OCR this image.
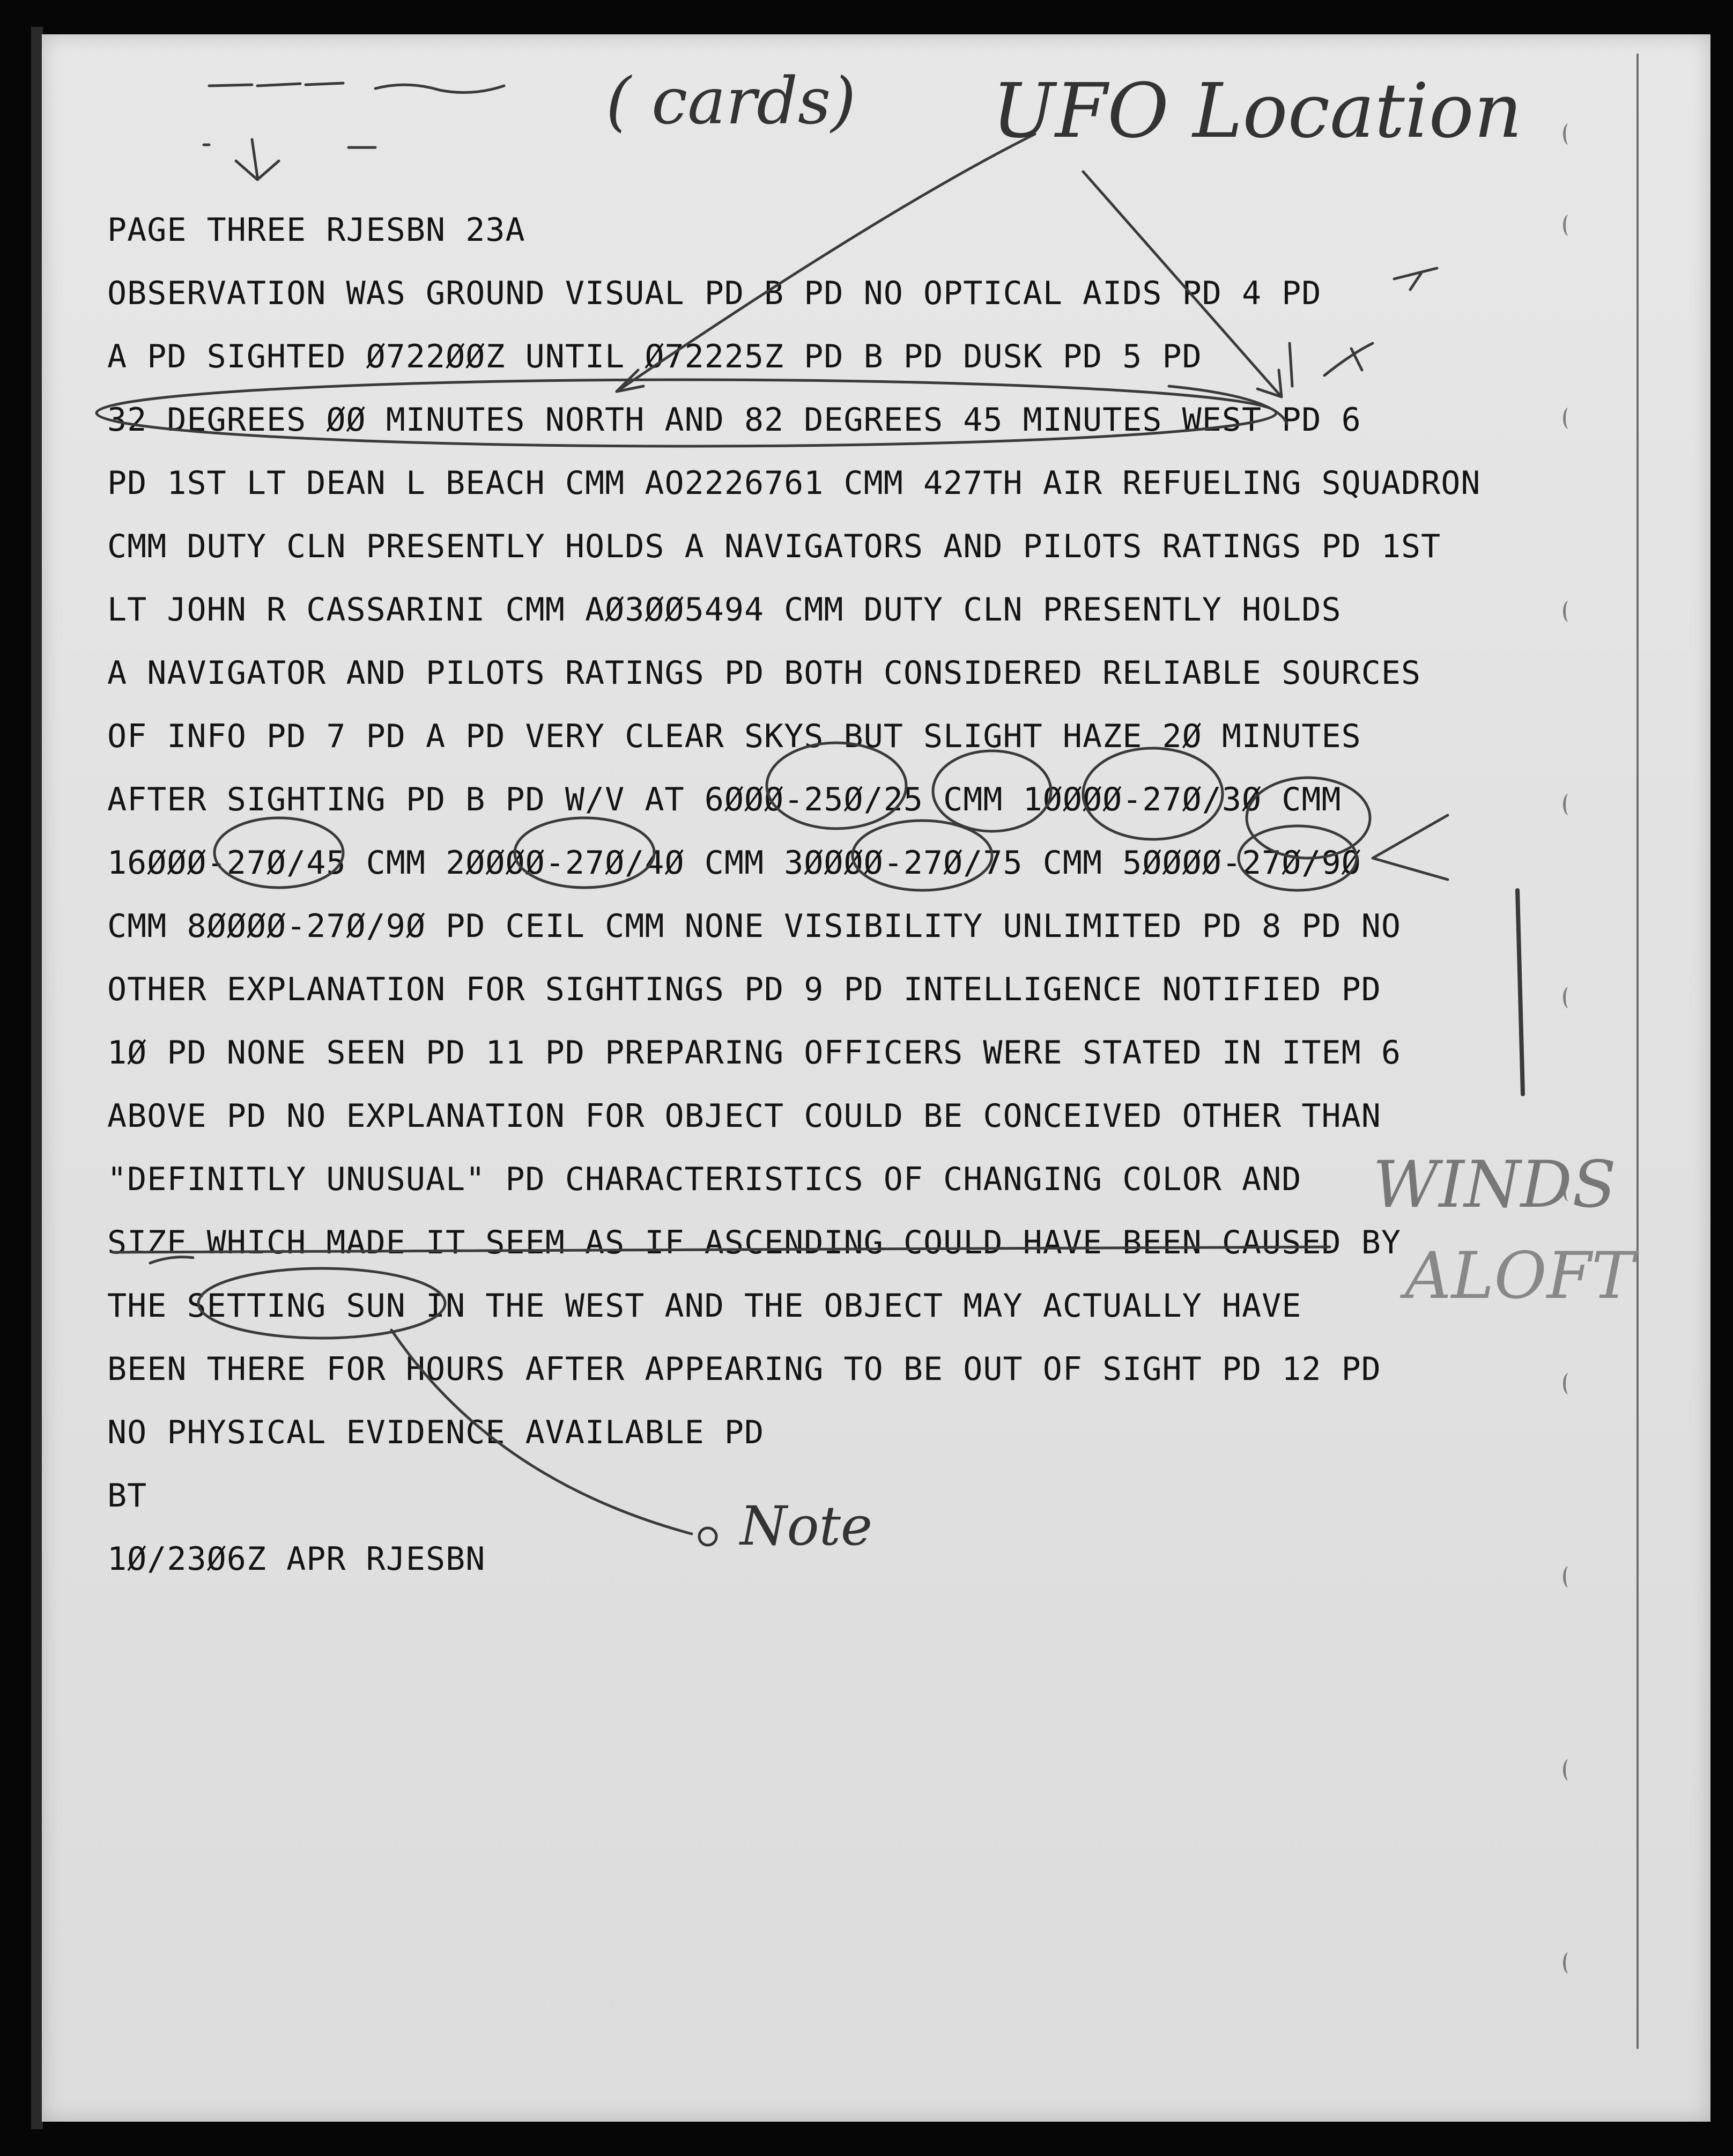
PAGE THREE RJESBN 23A
OBSERVATION WAS GROUND VISUAL PD B PD NO OPTICAL AIDS PD 4 PD
A PD SIGHTED Ø722ØØZ UNTIL Ø72225Z PD B PD DUSK PD 5 PD
32 DEGREES ØØ MINUTES NORTH AND 82 DEGREES 45 MINUTES WEST PD 6
PD 1ST LT DEAN L BEACH CMM AO2226761 CMM 427TH AIR REFUELING SQUADRON
CMM DUTY CLN PRESENTLY HOLDS A NAVIGATORS AND PILOTS RATINGS PD 1ST
LT JOHN R CASSARINI CMM AØ3ØØ5494 CMM DUTY CLN PRESENTLY HOLDS
A NAVIGATOR AND PILOTS RATINGS PD BOTH CONSIDERED RELIABLE SOURCES
OF INFO PD 7 PD A PD VERY CLEAR SKYS BUT SLIGHT HAZE 2Ø MINUTES
AFTER SIGHTING PD B PD W/V AT 6ØØØ-25Ø/25 CMM 1ØØØØ-27Ø/3Ø CMM
16ØØØ-27Ø/45 CMM 2ØØØØ-27Ø/4Ø CMM 3ØØØØ-27Ø/75 CMM 5ØØØØ-27Ø/9Ø
CMM 8ØØØØ-27Ø/9Ø PD CEIL CMM NONE VISIBILITY UNLIMITED PD 8 PD NO
OTHER EXPLANATION FOR SIGHTINGS PD 9 PD INTELLIGENCE NOTIFIED PD
1Ø PD NONE SEEN PD 11 PD PREPARING OFFICERS WERE STATED IN ITEM 6
ABOVE PD NO EXPLANATION FOR OBJECT COULD BE CONCEIVED OTHER THAN
"DEFINITLY UNUSUAL" PD CHARACTERISTICS OF CHANGING COLOR AND
SIZE WHICH MADE IT SEEM AS IF ASCENDING COULD HAVE BEEN CAUSED BY
THE SETTING SUN IN THE WEST AND THE OBJECT MAY ACTUALLY HAVE
BEEN THERE FOR HOURS AFTER APPEARING TO BE OUT OF SIGHT PD 12 PD
NO PHYSICAL EVIDENCE AVAILABLE PD
BT
1Ø/23Ø6Z APR RJESBN
( cards) UFO Location
WINDS
ALOFT
Note
